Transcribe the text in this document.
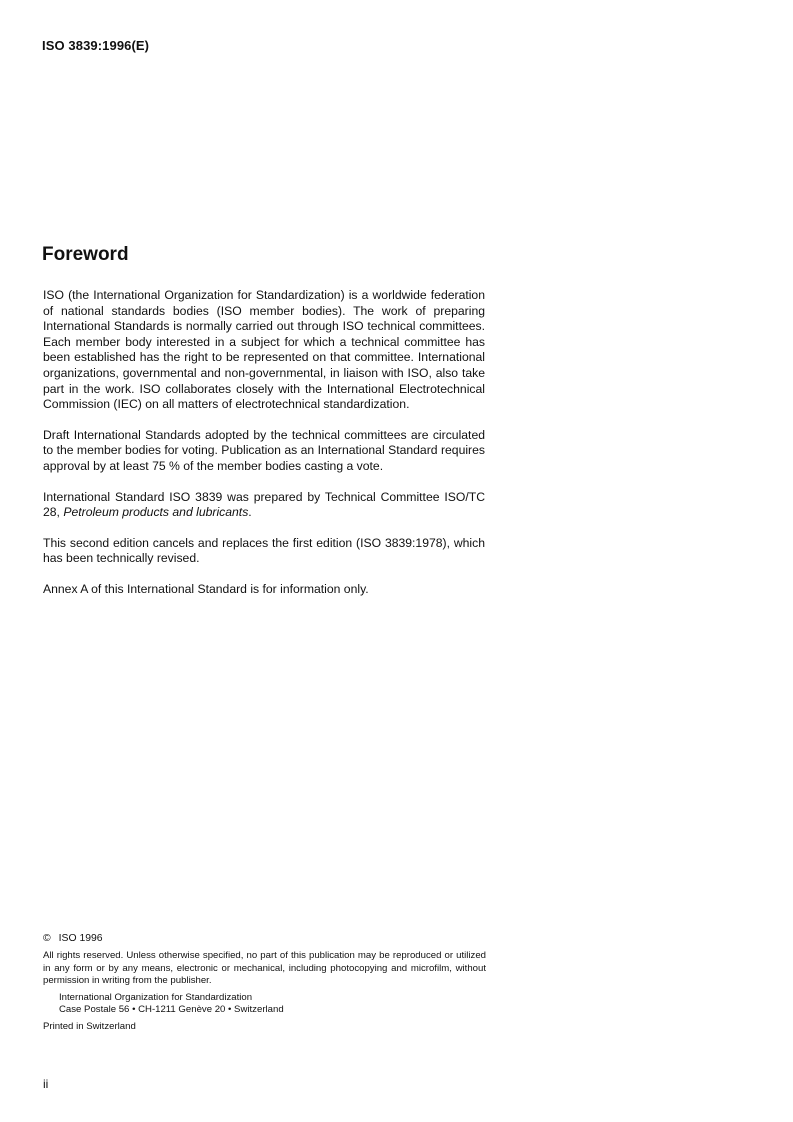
ISO 3839:1996(E)
Foreword

ISO (the International Organization for Standardization) is a worldwide federation of national standards bodies (ISO member bodies). The work of preparing International Standards is normally carried out through ISO technical committees. Each member body interested in a subject for which a technical committee has been established has the right to be represented on that committee. International organizations, governmental and non-governmental, in liaison with ISO, also take part in the work. ISO collaborates closely with the International Electrotechnical Commission (IEC) on all matters of electrotechnical standardization.

Draft International Standards adopted by the technical committees are circulated to the member bodies for voting. Publication as an International Standard requires approval by at least 75 % of the member bodies casting a vote.

International Standard ISO 3839 was prepared by Technical Committee ISO/TC 28, Petroleum products and lubricants.

This second edition cancels and replaces the first edition (ISO 3839:1978), which has been technically revised.

Annex A of this International Standard is for information only.

© ISO 1996
All rights reserved. Unless otherwise specified, no part of this publication may be reproduced or utilized in any form or by any means, electronic or mechanical, including photocopying and microfilm, without permission in writing from the publisher.
International Organization for Standardization
Case Postale 56 • CH-1211 Genève 20 • Switzerland
Printed in Switzerland
ii
